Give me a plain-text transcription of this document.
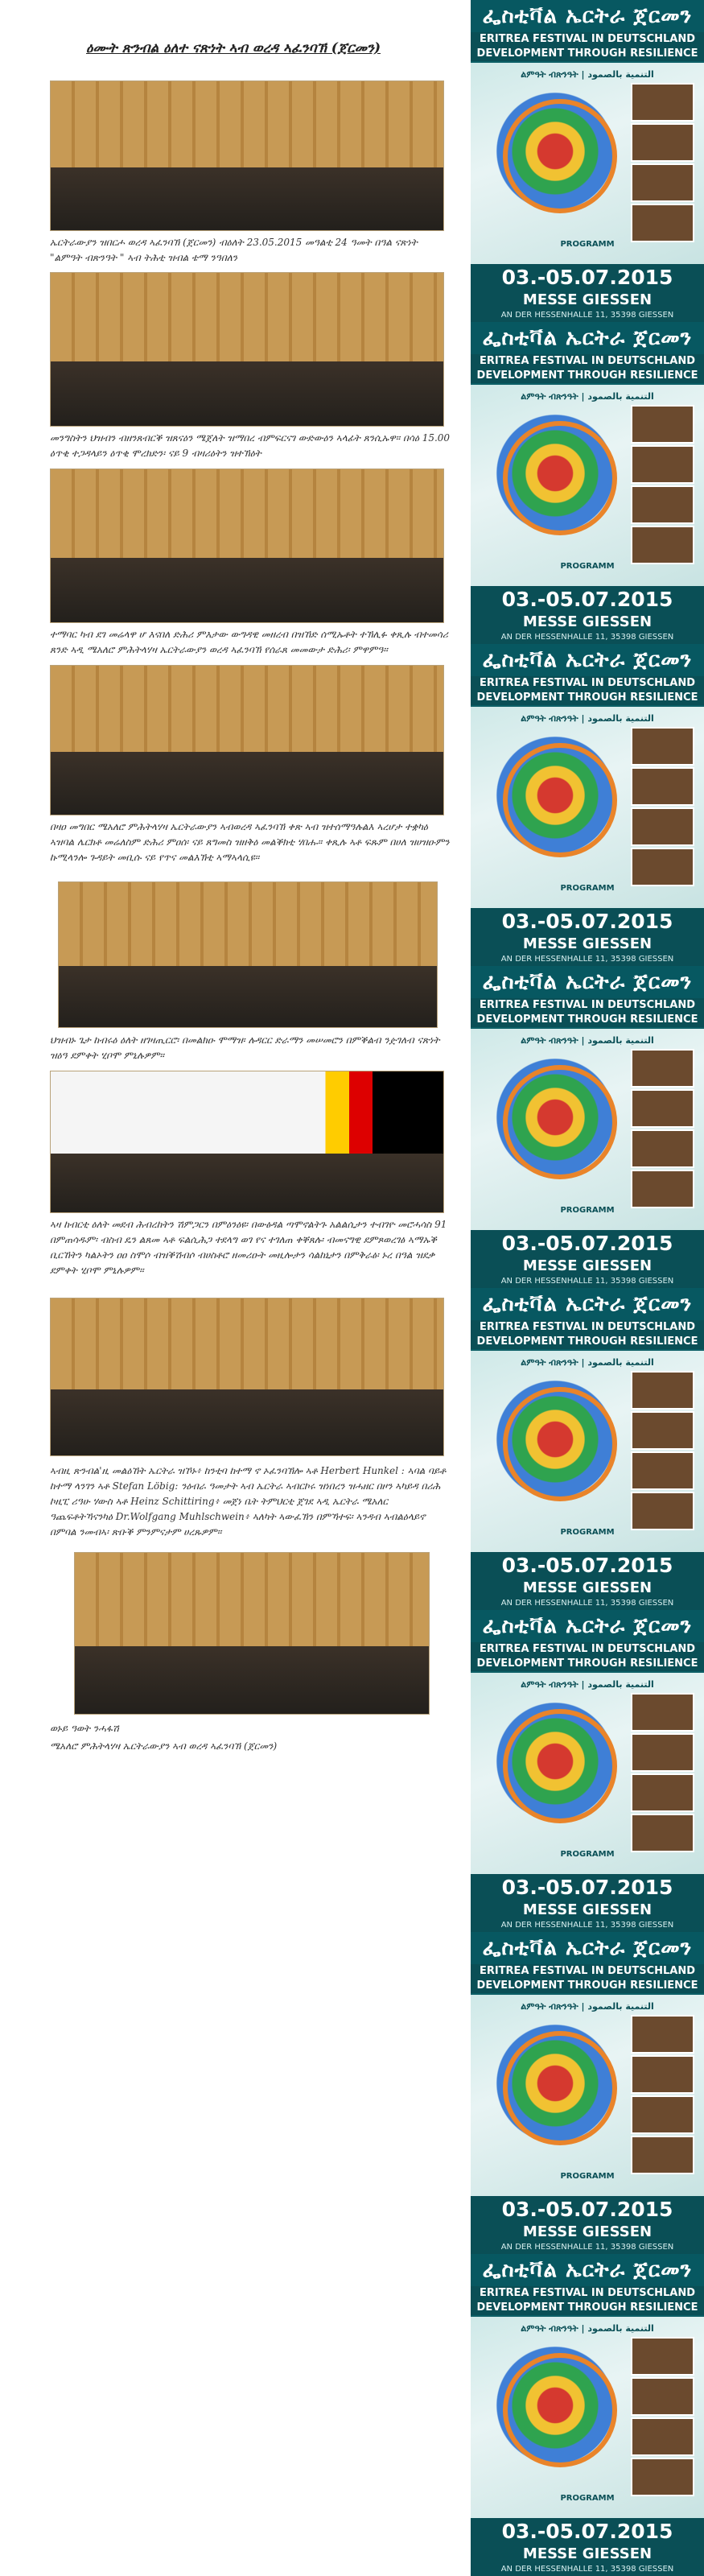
ዕሙት ጽንብል ዕለተ ናጽነት ኣብ ወረዳ ኣፈንባኽ (ጀርመን)

ኤርትራውያን ዝበርሖ ወረዳ ኣፈንባኽ (ጀርመን) ብዕለት 23.05.2015 መዓልቲ 24 ዓመት በዓል ናጽነት "ልምዓት ብጽንዓት " ኣብ ትሕቲ ዝብል ቴማ ንዓበለን

መንግስትን ህዝብን ብዘንጸብርቕ ዝጸናዕን ሜጀለት ዝማበረ ብምፍርናገ ውድውዕን ኣላፊት ጸንሲኡዋ። በሳዕ 15.00 ዕጥቂ ተጋዳላይን ዕጥቂ ሞረክድን፡ ናይ 9 ብዛሪዕትን ዝተኽዕት

ተማባር ካብ ደገ መሬላዋ ሆ እናበለ ድሕሪ ምእታው ውግዳዊ መዘረብ በዝኸድ ሰሚኡቶት ተኽሊፉ ቀጺሉ ብተመሳሪ ጸንድ ኣዲ ሜአለሮ ምሕትላሃዛ ኤርትራውያን ወረዳ ኣፈንባኽ የሰራጸ መመውታ ድሕሪ፡ ምዋምዓ።

በዛዐ መግበር ሜአለሮ ምሕትላሃዛ ኤርትራውያን ኣብወረዳ ኣፈንባኽ ቀጽ ኣብ ዝተሰማዓሉልእ ኣረሆታ ተቋካዕ ኣዝባል ሌርክቶ መሬለስም ድሕሪ ምዐሰ፡ ናይ ጸግመስ ዝዘቅዕ መልቕክቲ ሃበሑ። ቀጺሉ ኣቶ ፍጹም በሀለ ዝሀዝዑምን ኩሚላንሎ ጉዳይት መቢሱ ናይ የጥና መልእኽቲ ኣማኣላሲዩ።

ህዝብኑ ጌታ ከብሩዕ ዕለት ዘገዛጢርሮ፡ በመልክዑ ሞማዝ፡ ሉዳርር ድራማን መሠመሮን በምቕልብ ንዽገለብ ናጽነት ዝዕዓ ደምቀት ሂቦሞ ምኒሉዎም።

ኣዛ ከብርቲ ዕለት መደብ ሕብረከትን ሽምጋርን በምዕንዕዩ፡ በውፅዳል ጣሞኖልትጉ አልልሲታን ተብገዮ መሮሓሳስ 91 በምጠሳዱም፡ ብስብ ዴን ልጸመ ኣቶ ፍልሲሕጋ ተደላግ ወገ የና ተገለጠ ቀቐጸሉ፡ ብመናግዊ ደምጾወረገፅ ኣማኡቕ ቢርኸትን ካልኦትን ዐዐ ስሞሶ ብዝቕሽብሶ ብሀስቶሮ ዘመሪዑት መዚሎታን ሳልከኒታን በምቅራፅ፡ ኑረ በዓል ዝደቃ ደምቀት ሂቦሞ ምኒሉዎም።

ኣብዚ ጽንብል'ዚ መልዕኸት ኤርትራ ዝኾኑ፥ ከንቲባ ከተማ ኖ ኦፈንባኽሎ ኣቶ Herbert Hunkel : ኣባል ባይቶ ከተማ ላንገን ኣቶ Stefan Löbig: ንዕብራ ዓመታት ኣብ ኤርትራ ኣብርኮሩ ዝነበረን ዝሓዘር በዞን ኣካይዳ በሪሕ ኮዚፒ ሪዓሁ ሃውስ ኣቶ Heinz Schittiring፥ መጀነ ቤት ትምህርቲ ጀገደ ኣዲ ኤርትራ ሜአለር ዓጨፍቶትኻናንካዕ Dr.Wolfgang Muhlschwein፥ ኣለካት ኣውፈኽን በምኻተፍ፡ ኣንዳብ ኣብልዕላይኖ በምባል ንመብኣ፡ ጽቡቕ ምንምናታም ሀረጹዎም።

ወኑይ ዓወት ንሓፋሽ

ሜአለሮ ምሕትላሃዛ ኤርትራውያን ኣብ ወረዳ ኣፈንባኽ (ጀርመን)

ፌስቲቫል ኤርትራ ጀርመን
ERITREA FESTIVAL IN DEUTSCHLAND
DEVELOPMENT THROUGH RESILIENCE
ልምዓት ብጽንዓት | التنمية بالصمود
PROGRAMM
03.-05.07.2015
MESSE GIESSEN
AN DER HESSENHALLE 11, 35398 GIESSEN
ፌስቲቫል ኤርትራ ጀርመን
ERITREA FESTIVAL IN DEUTSCHLAND
DEVELOPMENT THROUGH RESILIENCE
ልምዓት ብጽንዓት | التنمية بالصمود
PROGRAMM
03.-05.07.2015
MESSE GIESSEN
AN DER HESSENHALLE 11, 35398 GIESSEN
ፌስቲቫል ኤርትራ ጀርመን
ERITREA FESTIVAL IN DEUTSCHLAND
DEVELOPMENT THROUGH RESILIENCE
ልምዓት ብጽንዓት | التنمية بالصمود
PROGRAMM
03.-05.07.2015
MESSE GIESSEN
AN DER HESSENHALLE 11, 35398 GIESSEN
ፌስቲቫል ኤርትራ ጀርመን
ERITREA FESTIVAL IN DEUTSCHLAND
DEVELOPMENT THROUGH RESILIENCE
ልምዓት ብጽንዓት | التنمية بالصمود
PROGRAMM
03.-05.07.2015
MESSE GIESSEN
AN DER HESSENHALLE 11, 35398 GIESSEN
ፌስቲቫል ኤርትራ ጀርመን
ERITREA FESTIVAL IN DEUTSCHLAND
DEVELOPMENT THROUGH RESILIENCE
ልምዓት ብጽንዓት | التنمية بالصمود
PROGRAMM
03.-05.07.2015
MESSE GIESSEN
AN DER HESSENHALLE 11, 35398 GIESSEN
ፌስቲቫል ኤርትራ ጀርመን
ERITREA FESTIVAL IN DEUTSCHLAND
DEVELOPMENT THROUGH RESILIENCE
ልምዓት ብጽንዓት | التنمية بالصمود
PROGRAMM
03.-05.07.2015
MESSE GIESSEN
AN DER HESSENHALLE 11, 35398 GIESSEN
ፌስቲቫል ኤርትራ ጀርመን
ERITREA FESTIVAL IN DEUTSCHLAND
DEVELOPMENT THROUGH RESILIENCE
ልምዓት ብጽንዓት | التنمية بالصمود
PROGRAMM
03.-05.07.2015
MESSE GIESSEN
AN DER HESSENHALLE 11, 35398 GIESSEN
ፌስቲቫል ኤርትራ ጀርመን
ERITREA FESTIVAL IN DEUTSCHLAND
DEVELOPMENT THROUGH RESILIENCE
ልምዓት ብጽንዓት | التنمية بالصمود
PROGRAMM
03.-05.07.2015
MESSE GIESSEN
AN DER HESSENHALLE 11, 35398 GIESSEN
